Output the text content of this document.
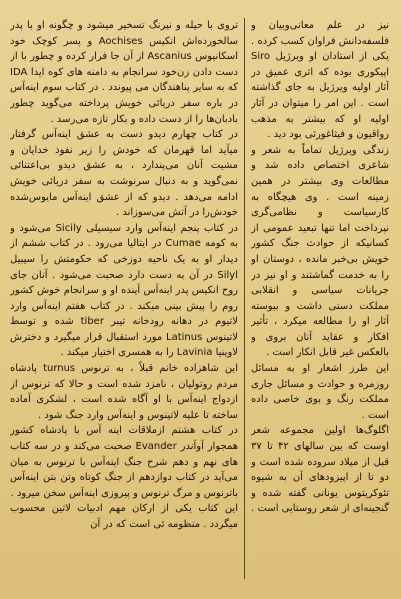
نیز در علم معانی‌وبیان و فلسفه‌دانش فراوان کسب کرده . یکی از استادان او ویرژیل Siro اپیکوری بوده که اثری عمیق در آثار اولیه ویرژیل به جای گذاشته است . این امر را میتوان در آثار اولیه او که بیشتر به مذهب رواقیون و فیثاغورثی بود دید .

زندگی ویرژیل تماماً به شعر و شاعری اختصاص داده شد و مطالعات وی بیشتر در همین زمینه است . وی هیچگاه به کارسیاست و نظامی‌گری نپرداخت اما تنها تبعید عمومی از کسانیکه از حوادث جنگ کشور خویش بی‌خبر مانده ، دوستان او را به خدمت گماشتند و او نیز در جریانات سیاسی و انقلابی مملکت دستی داشت و بیوسته آثار او را مطالعه میکرد ، تأثیر افکار و عقاید آنان بروی و بالعکس غیر قابل انکار است .

این طرز اشعار او به مسائل روزمره و حوادث و مسائل جاری مملکت رنگ و بوی خاصی داده است .

اگلوگ‌ها اولین مجموعه شعر اوست که بین سالهای ۴۲ تا ۳۷ قبل از میلاد سروده شده است و دو تا از اپیزودهای آن به شیوه تئوکریتوس یونانی گفته شده و گنجینه‌ای از شعر روستایی است .

تروی با حیله و نیرنگ تسخیر میشود و چگونه او با پدر سالخورده‌اش انکیس Aochises و پسر کوچک خود اسکانیوس Ascanius از آن جا فرار کرده و چطور با از دست دادن زن‌خود سرانجام به دامنه های کوه ایدا IDA که به سایر پناهندگان می پیوندد . در کتاب سوم اینه‌آس در باره سفر دریائی خویش پرداخته می‌گوید چطور بادبان‌ها را از دست داده و بکار تازه می‌رسد .

در کتاب چهارم دیدو دست به عشق اینه‌آس گرفتار میآید اما قهرمان که خودش را زیر نفوذ خدایان و مشیت آنان می‌پندارد ، به عشق دیدو بی‌اعتنائی نمی‌گوید و به دنبال سرنوشت به سفر دریائی خویش ادامه می‌دهد . دیدو که از عشق اینه‌آس مایوس‌شده خودش‌را در آتش می‌سوزاند .

در کتاب پنجم اینه‌آس وارد سیسیلی Sicily می‌شود و به کومه Cumae در ایتالیا می‌رود . در کتاب ششم از دیدار او به یک ناحیه دوزخی که حکومتش را سیبیل Silyl در آن به دست دارد صحبت می‌شود . آنان جای روح انکیس پدر اینه‌آس آینده او و سرانجام خوش کشور روم را پیش بینی میکند . در کتاب هفتم اینه‌آس وارد لاتیوم در دهانه رود‌خانه تیبر tiber شده و توسط لاتینوس Latinus مورد استقبال قرار میگیرد و دخترش لاوینیا Lavinia را به همسری اختیار میکند .

این شاهزاده خانم قبلاً ، به ترنوس turnus پادشاه مردم روتولیان ، نامزد شده است و حالا که ترنوس از ازدواج اینه‌آس با او آگاه شده است ، لشکری آماده ساخته تا علیه لاتینوس و اینه‌آس وارد جنگ شود .

در کتاب هشتم ازملاقات اینه آس با پادشاه کشور همجوار آوآندر Evander صحبت می‌کند و در سه کتاب های نهم و دهم شرح جنگ اینه‌آس با ترنوس به میان می‌آید در کتاب دوازدهم از جنگ کوتاه وتن بتن اینه‌آس باترنوس و مرگ ترنوس و پیروزی اینه‌آس سخن میرود .

این کتاب یکی از ارکان مهم ادبیات لاتین محسوب میگردد . منظومه ئی است که در آن
